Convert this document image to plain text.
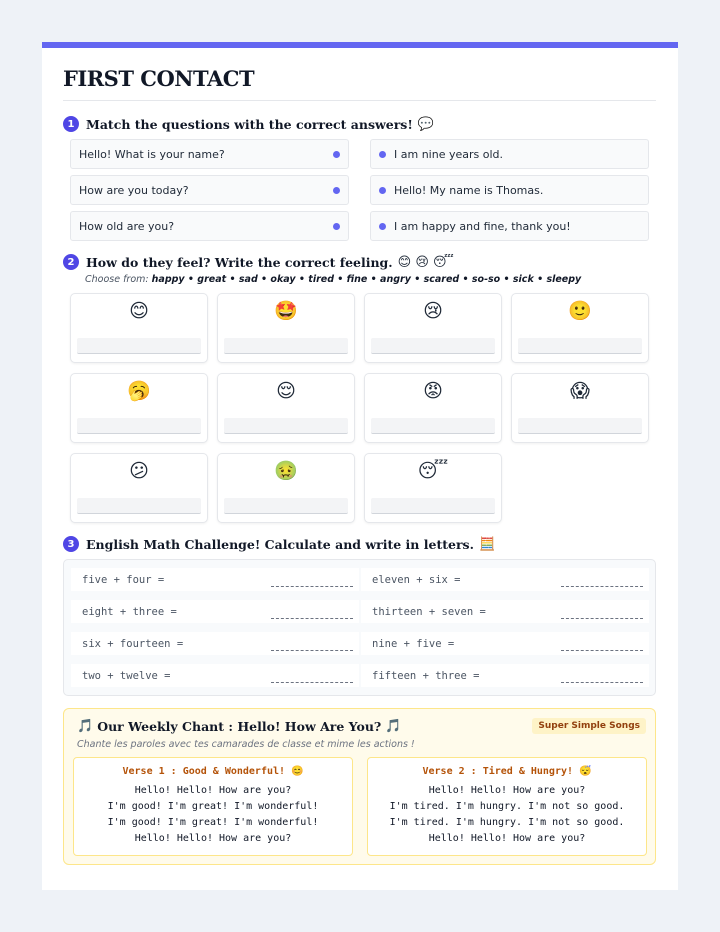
FIRST CONTACT
1 Match the questions with the correct answers! 💬
Hello! What is your name?	I am nine years old.
How are you today?	Hello! My name is Thomas.
How old are you?	I am happy and fine, thank you!
2 How do they feel? Write the correct feeling. 😊 😢 😴
Choose from: happy • great • sad • okay • tired • fine • angry • scared • so-so • sick • sleepy
😊	🤩	😢	🙂
🥱	😌	😡	😱
😕	🤢	😴
3 English Math Challenge! Calculate and write in letters. 🧮
five + four =	eleven + six =
eight + three =	thirteen + seven =
six + fourteen =	nine + five =
two + twelve =	fifteen + three =
🎵 Our Weekly Chant : Hello! How Are You? 🎵	Super Simple Songs
Chante les paroles avec tes camarades de classe et mime les actions !
Verse 1 : Good & Wonderful! 😊
Hello! Hello! How are you?
I'm good! I'm great! I'm wonderful!
I'm good! I'm great! I'm wonderful!
Hello! Hello! How are you?
Verse 2 : Tired & Hungry! 😴
Hello! Hello! How are you?
I'm tired. I'm hungry. I'm not so good.
I'm tired. I'm hungry. I'm not so good.
Hello! Hello! How are you?
